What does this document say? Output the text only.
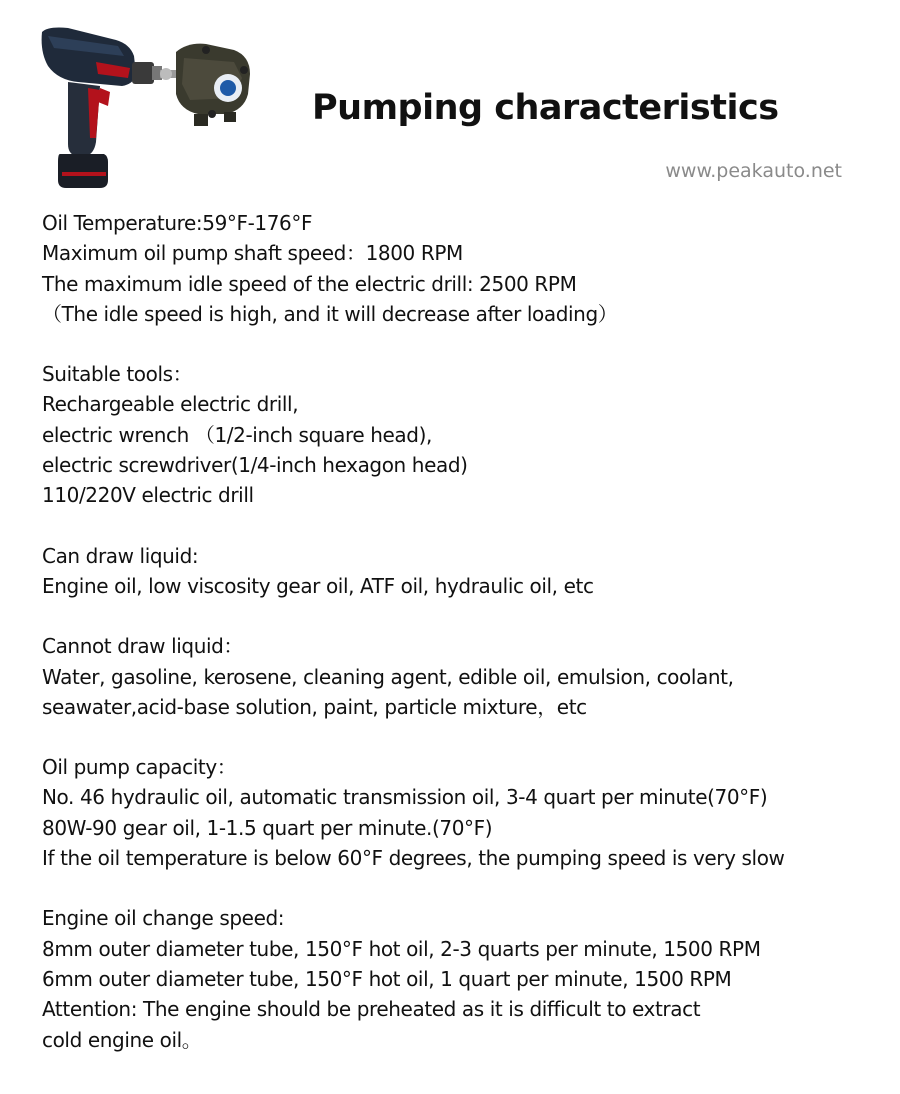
Pumping characteristics
www.peakauto.net
Oil Temperature:59°F-176°F
Maximum oil pump shaft speed：1800 RPM
The maximum idle speed of the electric drill: 2500 RPM
（The idle speed is high, and it will decrease after loading）
Suitable tools：
Rechargeable electric drill,
electric wrench （1/2-inch square head),
electric screwdriver(1/4-inch hexagon head)
110/220V electric drill
Can draw liquid:
Engine oil, low viscosity gear oil, ATF oil, hydraulic oil, etc
Cannot draw liquid：
Water, gasoline, kerosene, cleaning agent, edible oil, emulsion, coolant,
seawater,acid-base solution, paint, particle mixture，etc
Oil pump capacity：
No. 46 hydraulic oil, automatic transmission oil, 3-4 quart per minute(70°F)
80W-90 gear oil, 1-1.5 quart per minute.(70°F)
If the oil temperature is below 60°F degrees, the pumping speed is very slow
Engine oil change speed:
8mm outer diameter tube, 150°F hot oil, 2-3 quarts per minute, 1500 RPM
6mm outer diameter tube, 150°F hot oil, 1 quart per minute, 1500 RPM
Attention: The engine should be preheated as it is difficult to extract
cold engine oil。
